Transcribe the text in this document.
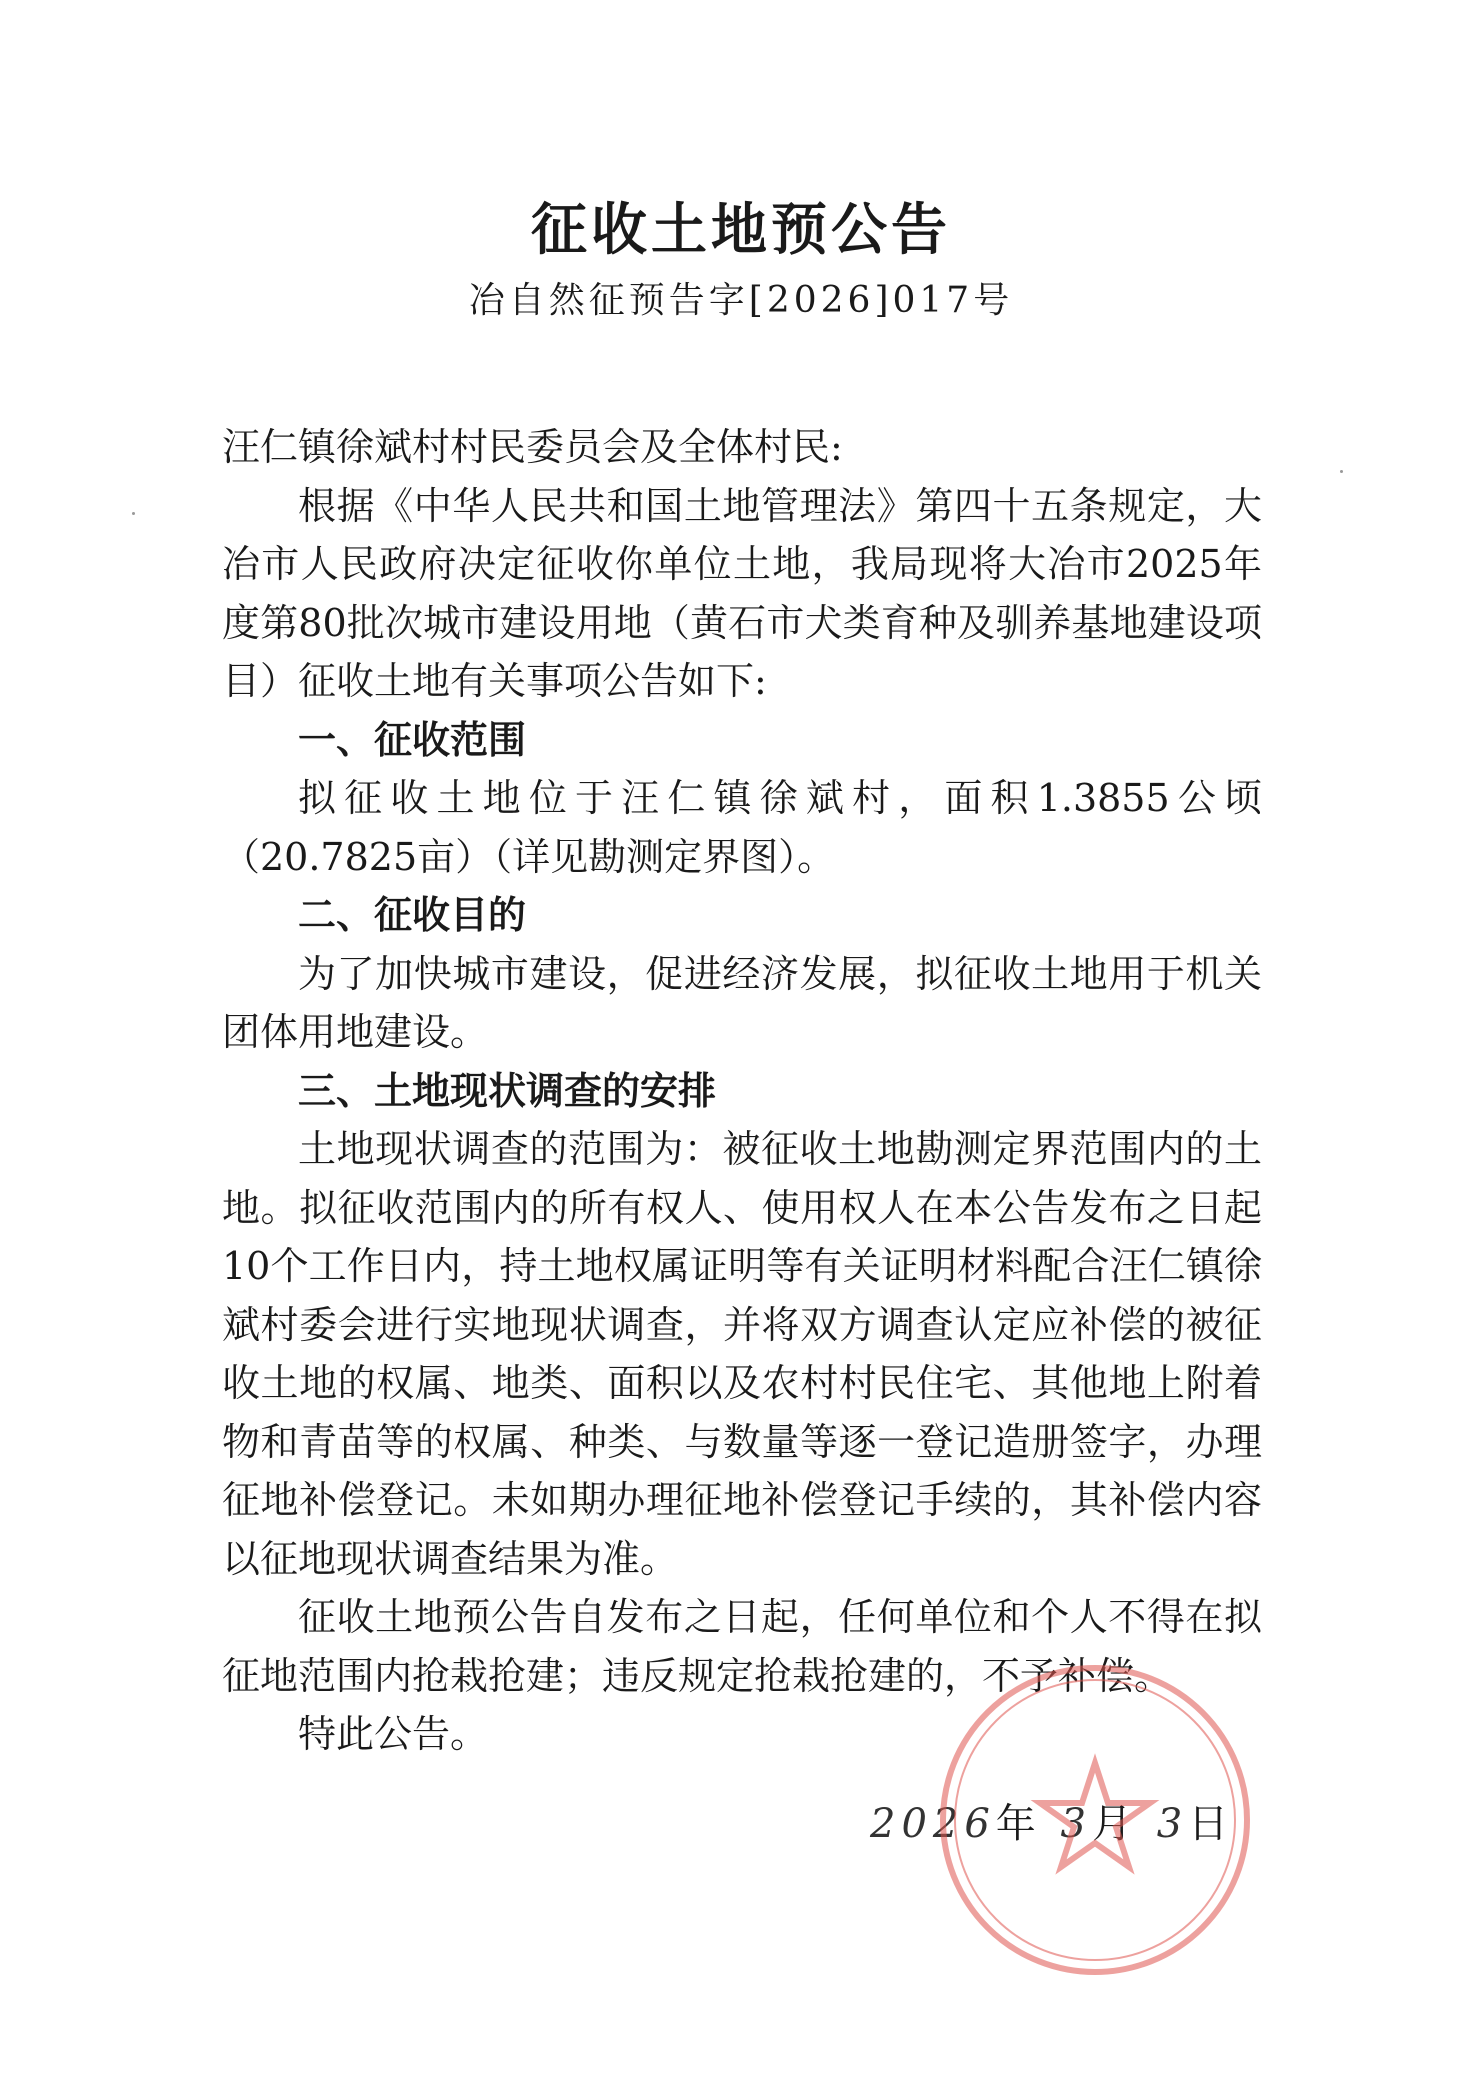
征收土地预公告
冶自然征预告字[2026]017号

汪仁镇徐斌村村民委员会及全体村民:

根据《中华人民共和国土地管理法》第四十五条规定，大冶市人民政府决定征收你单位土地，我局现将大冶市2025年度第80批次城市建设用地（黄石市犬类育种及驯养基地建设项目）征收土地有关事项公告如下:

一、征收范围

拟征收土地位于汪仁镇徐斌村，面积1.3855公顷（20.7825亩）（详见勘测定界图）。

二、征收目的

为了加快城市建设，促进经济发展，拟征收土地用于机关团体用地建设。

三、土地现状调查的安排

土地现状调查的范围为：被征收土地勘测定界范围内的土地。拟征收范围内的所有权人、使用权人在本公告发布之日起10个工作日内，持土地权属证明等有关证明材料配合汪仁镇徐斌村委会进行实地现状调查，并将双方调查认定应补偿的被征收土地的权属、地类、面积以及农村村民住宅、其他地上附着物和青苗等的权属、种类、与数量等逐一登记造册签字，办理征地补偿登记。未如期办理征地补偿登记手续的，其补偿内容以征地现状调查结果为准。

征收土地预公告自发布之日起，任何单位和个人不得在拟征地范围内抢栽抢建；违反规定抢栽抢建的，不予补偿。

特此公告。

2026年 3月 3日
